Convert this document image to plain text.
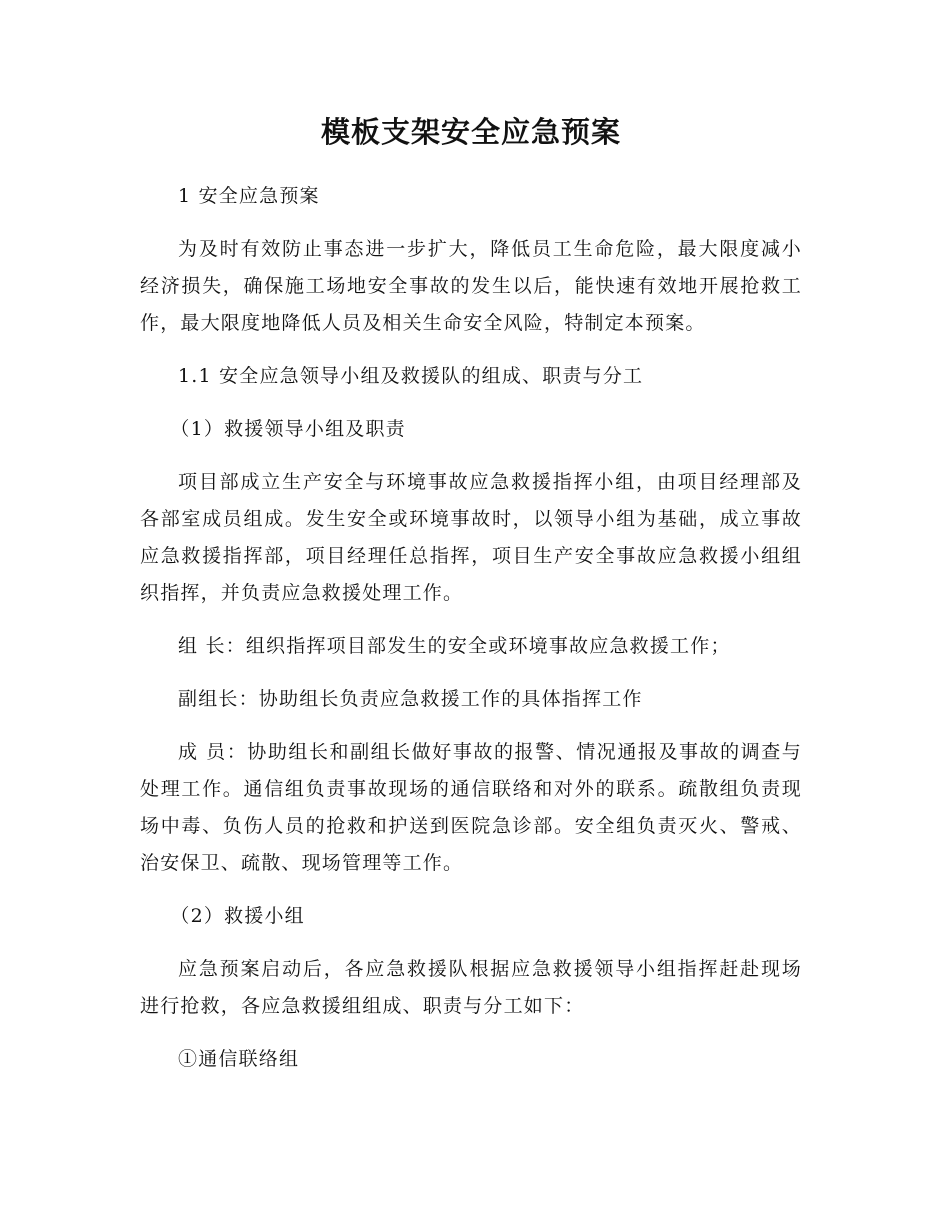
模板支架安全应急预案

1 安全应急预案

为及时有效防止事态进一步扩大，降低员工生命危险，最大限度减小经济损失，确保施工场地安全事故的发生以后，能快速有效地开展抢救工作，最大限度地降低人员及相关生命安全风险，特制定本预案。

1.1 安全应急领导小组及救援队的组成、职责与分工

（1）救援领导小组及职责

项目部成立生产安全与环境事故应急救援指挥小组，由项目经理部及各部室成员组成。发生安全或环境事故时，以领导小组为基础，成立事故应急救援指挥部，项目经理任总指挥，项目生产安全事故应急救援小组组织指挥，并负责应急救援处理工作。

组 长：组织指挥项目部发生的安全或环境事故应急救援工作；

副组长：协助组长负责应急救援工作的具体指挥工作

成 员：协助组长和副组长做好事故的报警、情况通报及事故的调查与处理工作。通信组负责事故现场的通信联络和对外的联系。疏散组负责现场中毒、负伤人员的抢救和护送到医院急诊部。安全组负责灭火、警戒、治安保卫、疏散、现场管理等工作。

（2）救援小组

应急预案启动后，各应急救援队根据应急救援领导小组指挥赶赴现场进行抢救，各应急救援组组成、职责与分工如下：

①通信联络组
